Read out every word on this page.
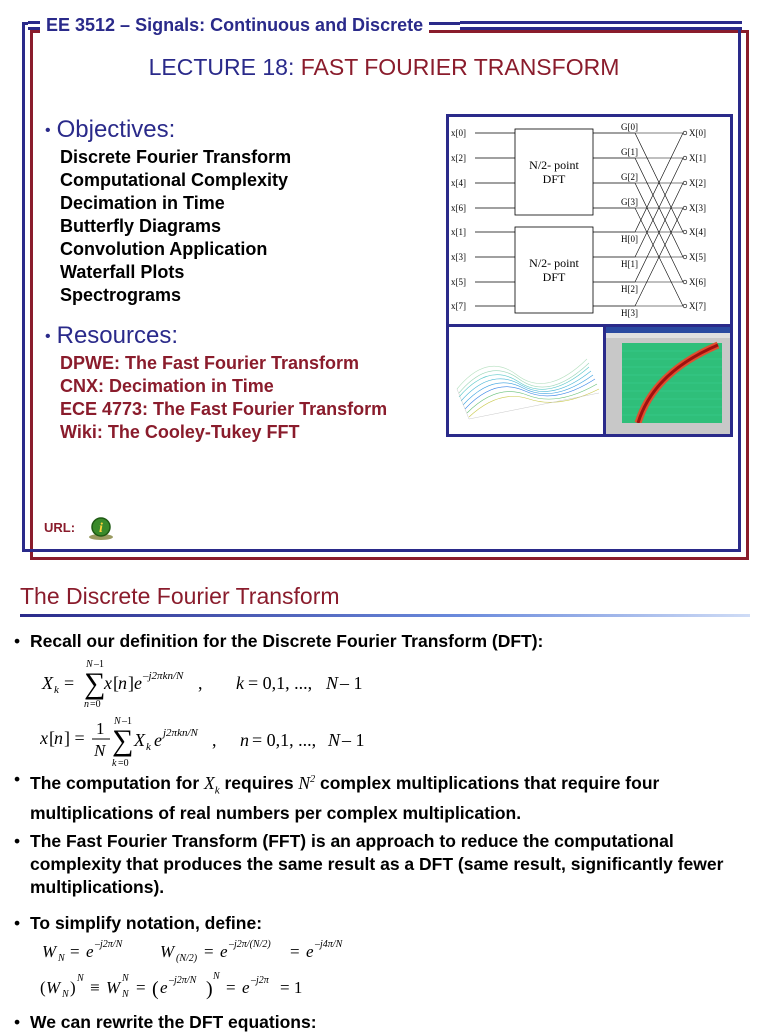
EE 3512 – Signals: Continuous and Discrete
LECTURE 18: FAST FOURIER TRANSFORM
• Objectives:
Discrete Fourier Transform
Computational Complexity
Decimation in Time
Butterfly Diagrams
Convolution Application
Waterfall Plots
Spectrograms
• Resources:
DPWE: The Fast Fourier Transform
CNX: Decimation in Time
ECE 4773: The Fast Fourier Transform
Wiki: The Cooley-Tukey FFT
URL: i
x[0]
x[2]
x[4]
x[6]
x[1]
x[3]
x[5]
x[7]
N/2- point
DFT
N/2- point
DFT
G[0]
G[1]
G[2]
G[3]
H[0]
H[1]
H[2]
H[3]
X[0]
X[1]
X[2]
X[3]
X[4]
X[5]
X[6]
X[7]
The Discrete Fourier Transform
• Recall our definition for the Discrete Fourier Transform (DFT):
X k = ∑
N –1
n =0
x [ n ] e –j2πkn/N , k = 0,1, ..., N – 1
x [ n ] = 1
N ∑
N –1
k =0
X k e j2πkn/N , n = 0,1, ..., N – 1
• The computation for $X_k$ requires $N^2$ complex multiplications that require four multiplications of real numbers per complex multiplication.
• The Fast Fourier Transform (FFT) is an approach to reduce the computational complexity that produces the same result as a DFT (same result, significantly fewer multiplications).
• To simplify notation, define:
W N = e –j2π/N W (N/2) = e –j2π/(N/2) = e –j4π/N
( W N ) N ≡ W N
N = ( e –j2π/N )
N
= e –j2π = 1
• We can rewrite the DFT equations:
